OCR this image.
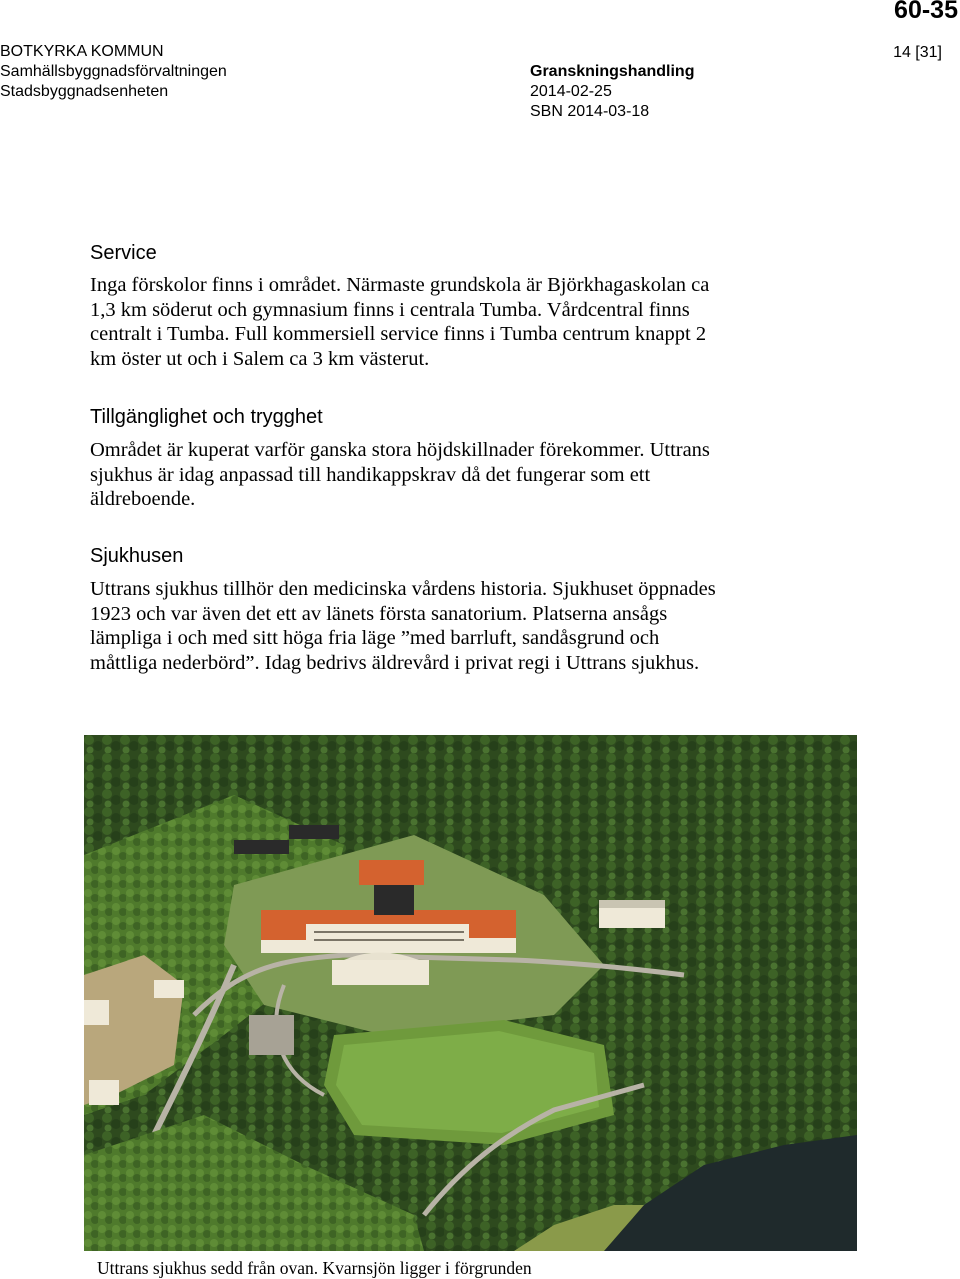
60-35
BOTKYRKA KOMMUN
Samhällsbyggnadsförvaltningen
Stadsbyggnadsenheten
Granskningshandling
2014-02-25
SBN 2014-03-18
14 [31]
Service
Inga förskolor finns i området. Närmaste grundskola är Björkhagaskolan ca
1,3 km söderut och gymnasium finns i centrala Tumba. Vårdcentral finns
centralt i Tumba. Full kommersiell service finns i Tumba centrum knappt 2
km öster ut och i Salem ca 3 km västerut.
Tillgänglighet och trygghet
Området är kuperat varför ganska stora höjdskillnader förekommer. Uttrans
sjukhus är idag anpassad till handikappskrav då det fungerar som ett
äldreboende.
Sjukhusen
Uttrans sjukhus tillhör den medicinska vårdens historia. Sjukhuset öppnades
1923 och var även det ett av länets första sanatorium. Platserna ansågs
lämpliga i och med sitt höga fria läge ”med barrluft, sandåsgrund och
måttliga nederbörd”. Idag bedrivs äldrevård i privat regi i Uttrans sjukhus.
Uttrans sjukhus sedd från ovan. Kvarnsjön ligger i förgrunden
